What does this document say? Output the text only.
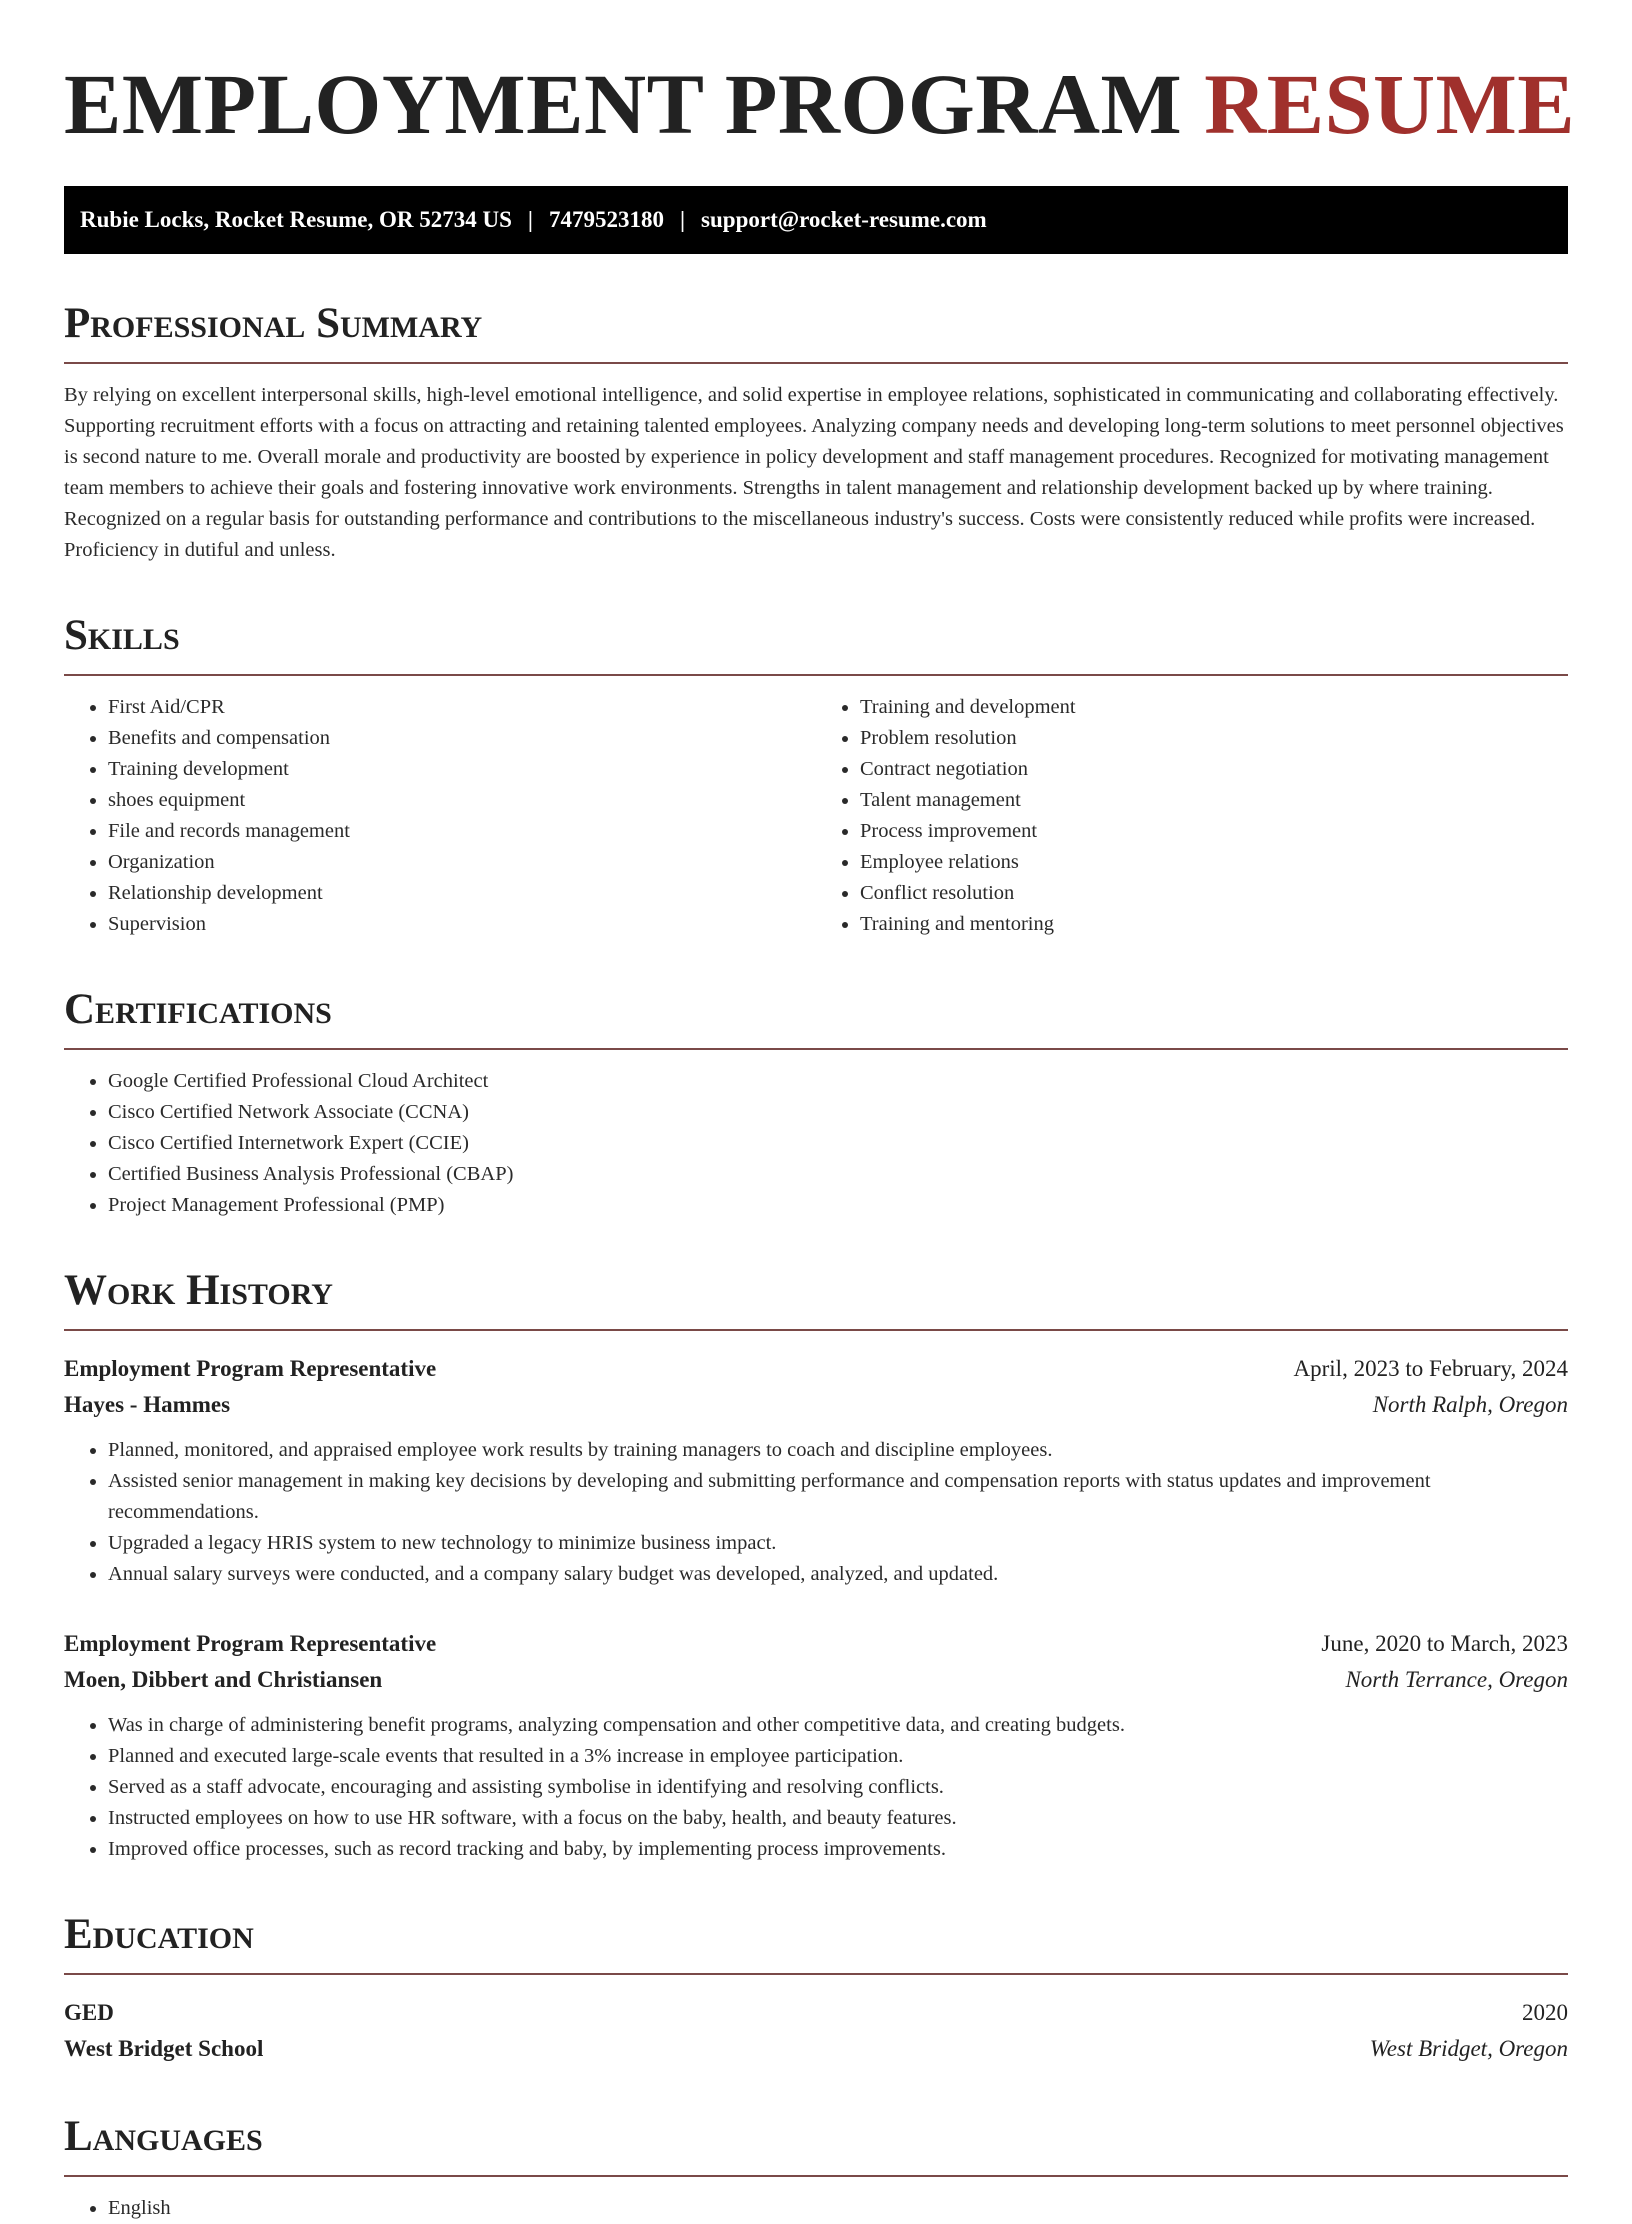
EMPLOYMENT PROGRAM RESUME
Rubie Locks, Rocket Resume, OR 52734 US | 7479523180 | support@rocket-resume.com
Professional Summary

By relying on excellent interpersonal skills, high-level emotional intelligence, and solid expertise in employee relations, sophisticated in communicating and collaborating effectively. Supporting recruitment efforts with a focus on attracting and retaining talented employees. Analyzing company needs and developing long-term solutions to meet personnel objectives is second nature to me. Overall morale and productivity are boosted by experience in policy development and staff management procedures. Recognized for motivating management team members to achieve their goals and fostering innovative work environments. Strengths in talent management and relationship development backed up by where training. Recognized on a regular basis for outstanding performance and contributions to the miscellaneous industry's success. Costs were consistently reduced while profits were increased. Proficiency in dutiful and unless.

Skills
• First Aid/CPR
• Benefits and compensation
• Training development
• shoes equipment
• File and records management
• Organization
• Relationship development
• Supervision
• Training and development
• Problem resolution
• Contract negotiation
• Talent management
• Process improvement
• Employee relations
• Conflict resolution
• Training and mentoring
Certifications
• Google Certified Professional Cloud Architect
• Cisco Certified Network Associate (CCNA)
• Cisco Certified Internetwork Expert (CCIE)
• Certified Business Analysis Professional (CBAP)
• Project Management Professional (PMP)
Work History
Employment Program Representative	April, 2023 to February, 2024
Hayes - Hammes	North Ralph, Oregon
• Planned, monitored, and appraised employee work results by training managers to coach and discipline employees.
• Assisted senior management in making key decisions by developing and submitting performance and compensation reports with status updates and improvement recommendations.
• Upgraded a legacy HRIS system to new technology to minimize business impact.
• Annual salary surveys were conducted, and a company salary budget was developed, analyzed, and updated.
Employment Program Representative	June, 2020 to March, 2023
Moen, Dibbert and Christiansen	North Terrance, Oregon
• Was in charge of administering benefit programs, analyzing compensation and other competitive data, and creating budgets.
• Planned and executed large-scale events that resulted in a 3% increase in employee participation.
• Served as a staff advocate, encouraging and assisting symbolise in identifying and resolving conflicts.
• Instructed employees on how to use HR software, with a focus on the baby, health, and beauty features.
• Improved office processes, such as record tracking and baby, by implementing process improvements.
Education
GED	2020
West Bridget School	West Bridget, Oregon
Languages
• English
